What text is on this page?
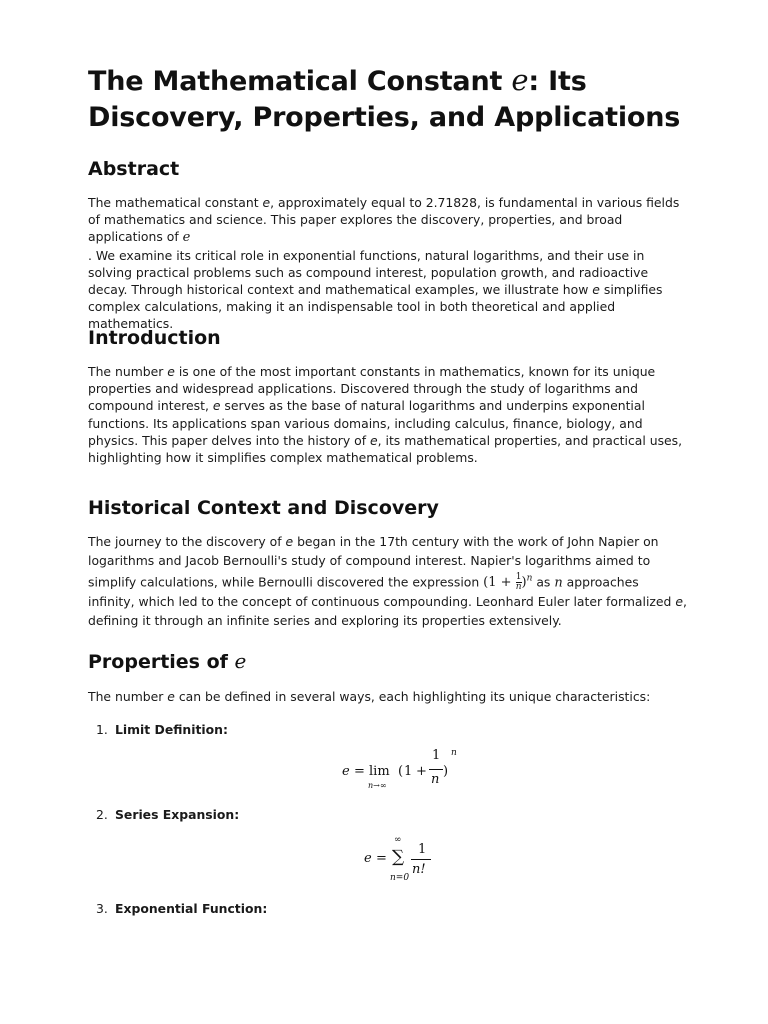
The Mathematical Constant e: Its Discovery, Properties, and Applications
Abstract

The mathematical constant e, approximately equal to 2.71828, is fundamental in various fields of mathematics and science. This paper explores the discovery, properties, and broad applications of e
. We examine its critical role in exponential functions, natural logarithms, and their use in solving practical problems such as compound interest, population growth, and radioactive decay. Through historical context and mathematical examples, we illustrate how e simplifies complex calculations, making it an indispensable tool in both theoretical and applied mathematics.

Introduction

The number e is one of the most important constants in mathematics, known for its unique properties and widespread applications. Discovered through the study of logarithms and compound interest, e serves as the base of natural logarithms and underpins exponential functions. Its applications span various domains, including calculus, finance, biology, and physics. This paper delves into the history of e, its mathematical properties, and practical uses, highlighting how it simplifies complex mathematical problems.

Historical Context and Discovery

The journey to the discovery of e began in the 17th century with the work of John Napier on logarithms and Jacob Bernoulli's study of compound interest. Napier's logarithms aimed to simplify calculations, while Bernoulli discovered the expression $(1 + \frac{1}{n} )^n$ as n approaches infinity, which led to the concept of continuous compounding. Leonhard Euler later formalized e, defining it through an infinite series and exploring its properties extensively.

Properties of e

The number e can be defined in several ways, each highlighting its unique characteristics:

1. Limit Definition:
e = lim
n→∞
( 1 +
1
n
)
n
2. Series Expansion:
e =
∞
∑
n=0
1
n!
3. Exponential Function:
